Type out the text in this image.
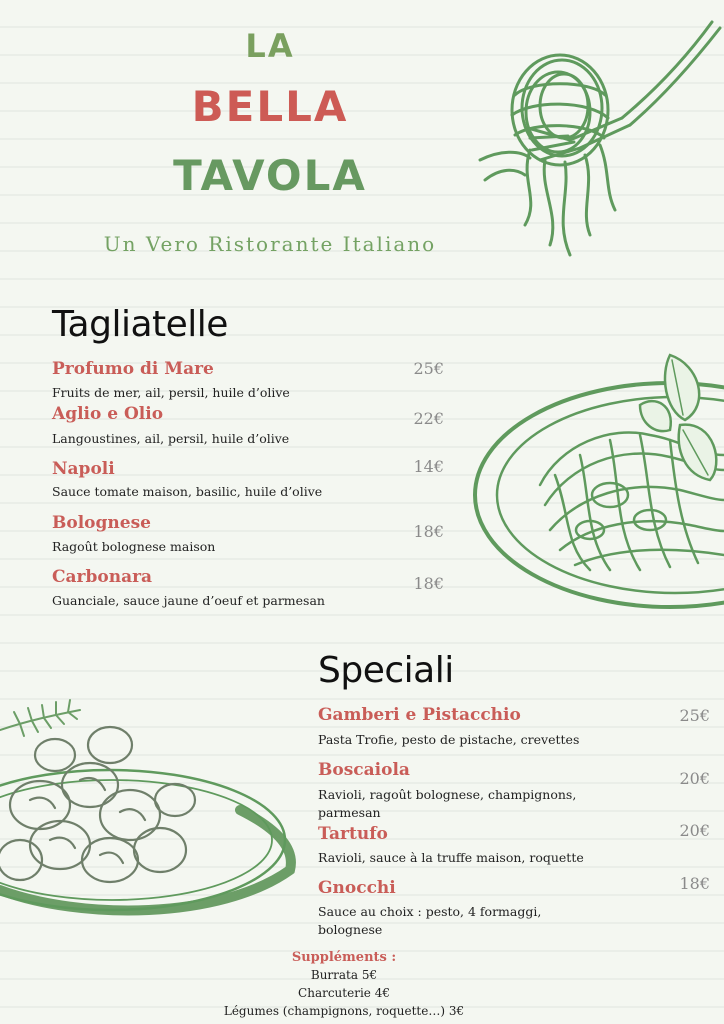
LA
BELLA
TAVOLA
Un Vero Ristorante Italiano
Tagliatelle
Profumo di Mare	25€
Fruits de mer, ail, persil, huile d’olive
Aglio e Olio	22€
Langoustines, ail, persil, huile d’olive
Napoli	14€
Sauce tomate maison, basilic, huile d’olive
Bolognese	18€
Ragoût bolognese maison
Carbonara	18€
Guanciale, sauce jaune d’oeuf et parmesan
Speciali
Gamberi e Pistacchio	25€
Pasta Trofie, pesto de pistache, crevettes
Boscaiola	20€
Ravioli, ragoût bolognese, champignons, parmesan
Tartufo	20€
Ravioli, sauce à la truffe maison, roquette
Gnocchi	18€
Sauce au choix : pesto, 4 formaggi, bolognese
Suppléments :
Burrata 5€
Charcuterie 4€
Légumes (champignons, roquette…) 3€
